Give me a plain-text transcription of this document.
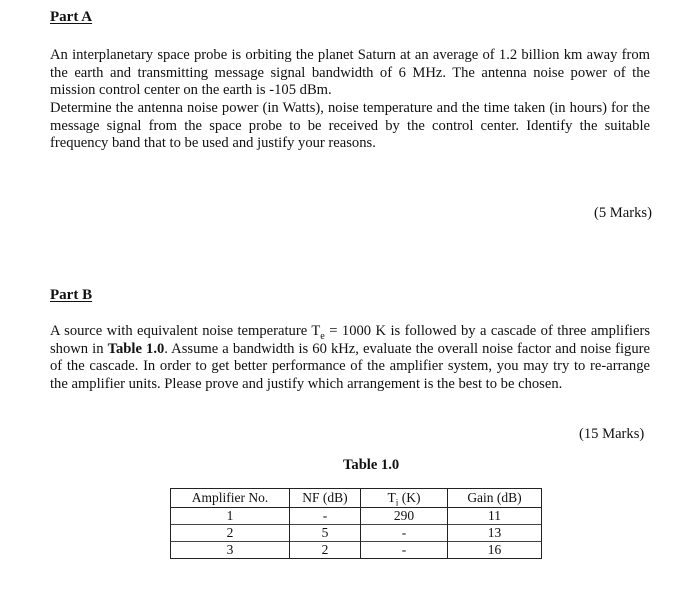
Part A

An interplanetary space probe is orbiting the planet Saturn at an average of 1.2 billion km away from the earth and transmitting message signal bandwidth of 6 MHz. The antenna noise power of the mission control center on the earth is -105 dBm.

Determine the antenna noise power (in Watts), noise temperature and the time taken (in hours) for the message signal from the space probe to be received by the control center. Identify the suitable frequency band that to be used and justify your reasons.

(5 Marks)
Part B

A source with equivalent noise temperature $T_e = 1000$ K is followed by a cascade of three amplifiers shown in Table 1.0. Assume a bandwidth is 60 kHz, evaluate the overall noise factor and noise figure of the cascade. In order to get better performance of the amplifier system, you may try to re-arrange the amplifier units. Please prove and justify which arrangement is the best to be chosen.

(15 Marks)
Table 1.0
Amplifier No.	NF (dB)	$T_i$ (K)	Gain (dB)
1	-	290	11
2	5	-	13
3	2	-	16
